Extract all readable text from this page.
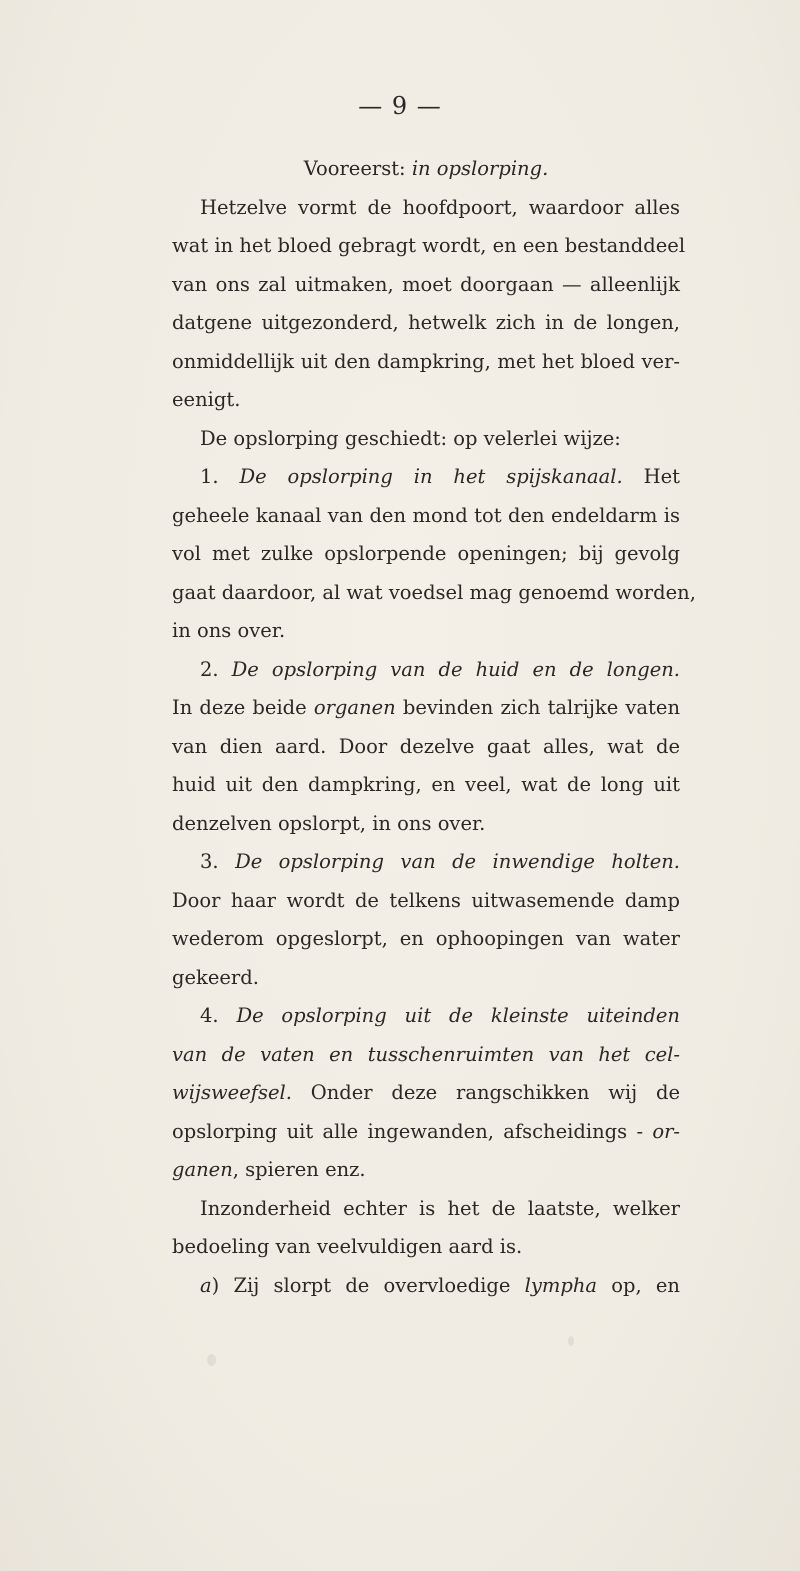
— 9 —
Vooreerst: in opslorping.
Hetzelve vormt de hoofdpoort, waardoor alles
wat in het bloed gebragt wordt, en een bestanddeel
van ons zal uitmaken, moet doorgaan — alleenlijk
datgene uitgezonderd, hetwelk zich in de longen,
onmiddellijk uit den dampkring, met het bloed ver-
eenigt.
De opslorping geschiedt: op velerlei wijze:
1. De opslorping in het spijskanaal. Het
geheele kanaal van den mond tot den endeldarm is
vol met zulke opslorpende openingen; bij gevolg
gaat daardoor, al wat voedsel mag genoemd worden,
in ons over.
2. De opslorping van de huid en de longen.
In deze beide organen bevinden zich talrijke vaten
van dien aard. Door dezelve gaat alles, wat de
huid uit den dampkring, en veel, wat de long uit
denzelven opslorpt, in ons over.
3. De opslorping van de inwendige holten.
Door haar wordt de telkens uitwasemende damp
wederom opgeslorpt, en ophoopingen van water
gekeerd.
4. De opslorping uit de kleinste uiteinden
van de vaten en tusschenruimten van het cel-
wijsweefsel. Onder deze rangschikken wij de
opslorping uit alle ingewanden, afscheidings - or-
ganen, spieren enz.
Inzonderheid echter is het de laatste, welker
bedoeling van veelvuldigen aard is.
a) Zij slorpt de overvloedige lympha op, en
